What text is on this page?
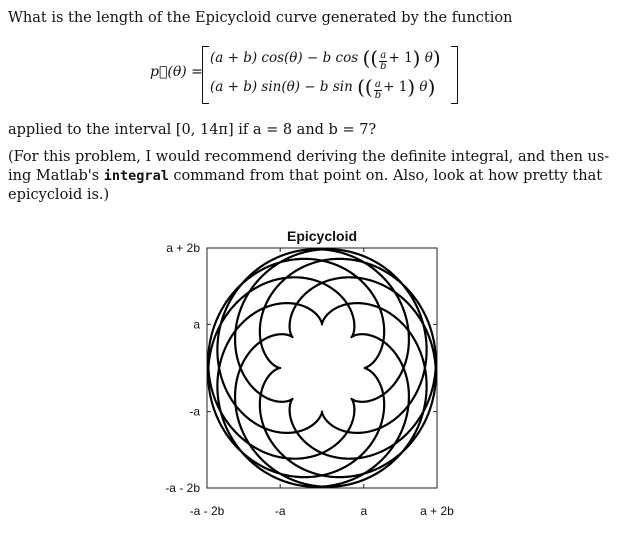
What is the length of the Epicycloid curve generated by the function
p⃗(θ) =
(a + b) cos(θ) − b cos (( $\frac{a}{b} + 1$) θ)
(a + b) sin(θ) − b sin (( $\frac{a}{b} + 1$) θ)
applied to the interval [0, 14π] if a = 8 and b = 7?

(For this problem, I would recommend deriving the definite integral, and then us-

ing Matlab's integral command from that point on. Also, look at how pretty that

epicycloid is.)

Epicycloid
a + 2b
a
-a
-a - 2b
-a - 2b	-a	a	a + 2b
